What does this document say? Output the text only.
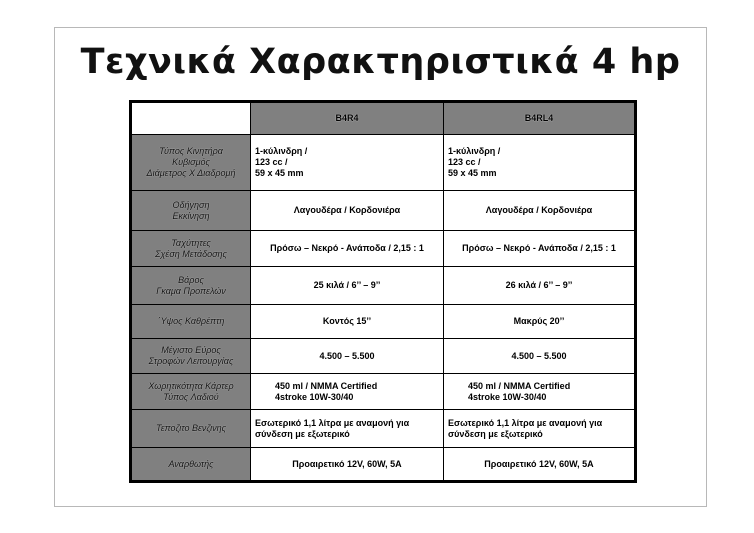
Τεχνικά Χαρακτηριστικά 4 hp
	B4R4	B4RL4

Τύπος Κινητήρα
Κυβισμός
Διάμετρος Χ Διαδρομή	1-κύλινδρη /
123 cc /
59 x 45 mm	1-κύλινδρη /
123 cc /
59 x 45 mm

Οδήγηση
Εκκίνηση	Λαγουδέρα / Κορδονιέρα	Λαγουδέρα / Κορδονιέρα

Ταχύτητες
Σχέση Μετάδοσης	Πρόσω – Νεκρό - Ανάποδα / 2,15 : 1	Πρόσω – Νεκρό - Ανάποδα / 2,15 : 1

Βάρος
Γκαμα Προπελών	25 κιλά / 6’’ – 9’’	26 κιλά / 6’’ – 9’’

΄Υψος Καθρέπτη	Κοντός 15’’	Μακρύς 20’’

Μέγιστο Εύρος
Στροφών Λειτουργίας	4.500 – 5.500	4.500 – 5.500

Χωρητικότητα Κάρτερ
Τύπος Λαδιού	450 ml / NMMA Certified
4stroke 10W-30/40	450 ml / NMMA Certified
4stroke 10W-30/40

Τεποζιτο Βενζινης	Εσωτερικό 1,1 λίτρα με αναμονή για
σύνδεση με εξωτερικό	Εσωτερικό 1,1 λίτρα με αναμονή για
σύνδεση με εξωτερικό

Αναρθωτής	Προαιρετικό 12V, 60W, 5A	Προαιρετικό 12V, 60W, 5A
